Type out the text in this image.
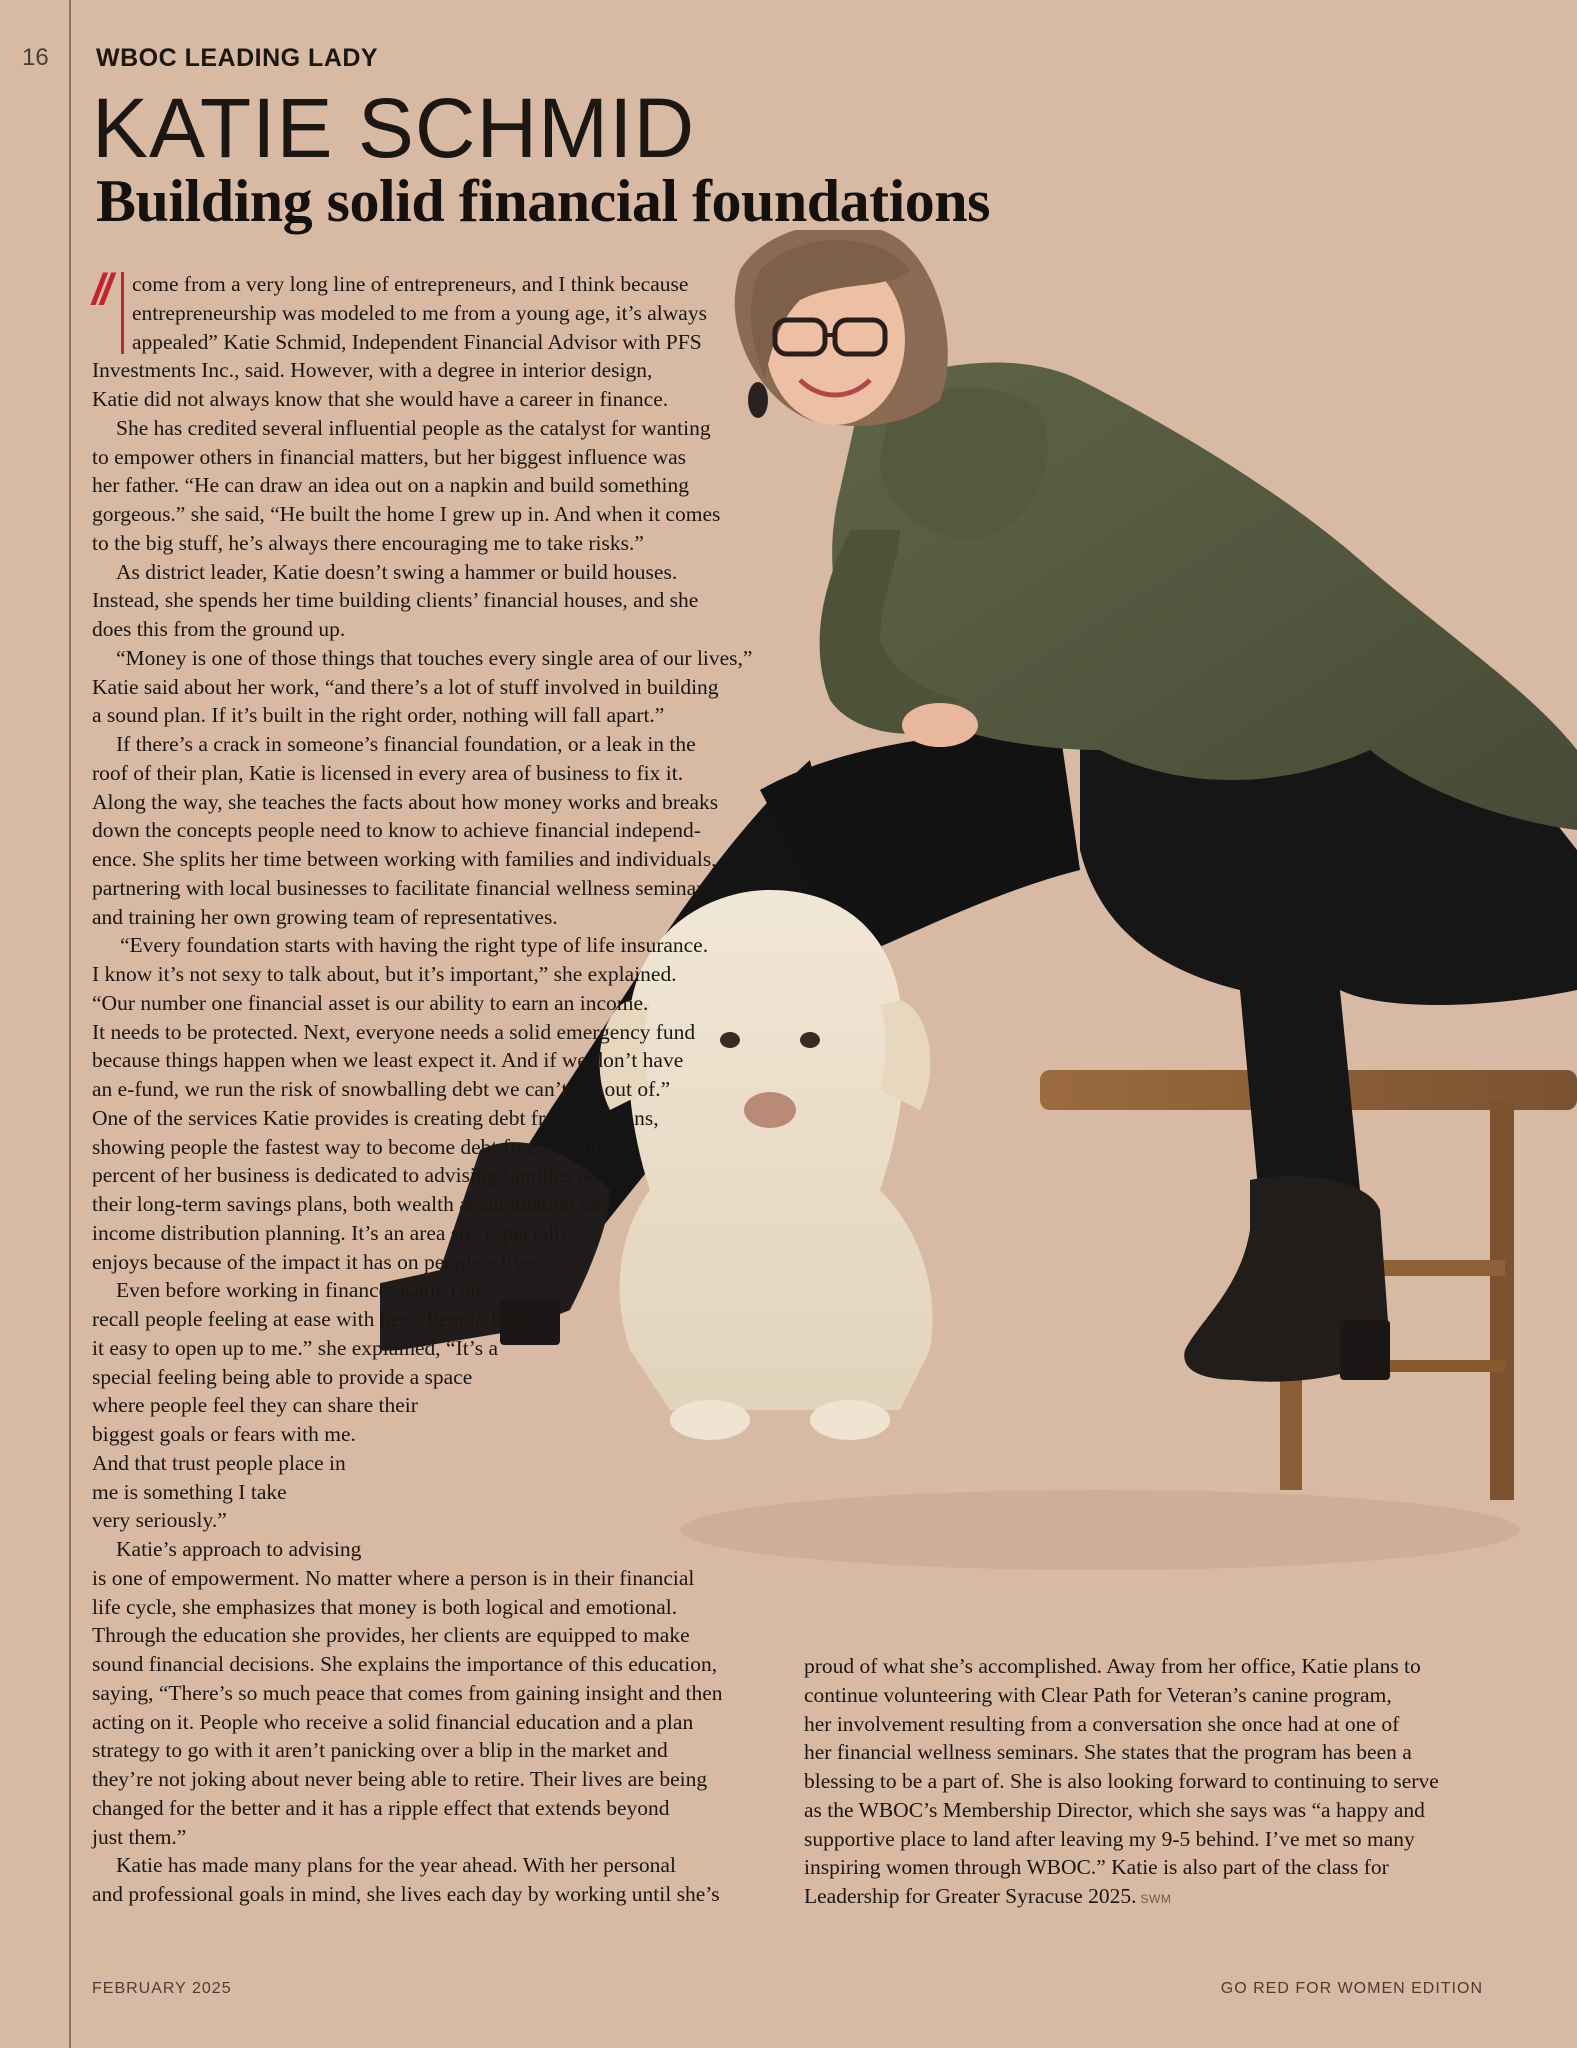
16 WBOC LEADING LADY
KATIE SCHMID
Building solid financial foundations
//	come from a very long line of entrepreneurs, and I think because
entrepreneurship was modeled to me from a young age, it’s always
appealed” Katie Schmid, Independent Financial Advisor with PFS
Investments Inc., said. However, with a degree in interior design,
Katie did not always know that she would have a career in finance.
She has credited several influential people as the catalyst for wanting
to empower others in financial matters, but her biggest influence was
her father. “He can draw an idea out on a napkin and build something
gorgeous.” she said, “He built the home I grew up in. And when it comes
to the big stuff, he’s always there encouraging me to take risks.”
As district leader, Katie doesn’t swing a hammer or build houses.
Instead, she spends her time building clients’ financial houses, and she
does this from the ground up.
“Money is one of those things that touches every single area of our lives,”
Katie said about her work, “and there’s a lot of stuff involved in building
a sound plan. If it’s built in the right order, nothing will fall apart.”
If there’s a crack in someone’s financial foundation, or a leak in the
roof of their plan, Katie is licensed in every area of business to fix it.
Along the way, she teaches the facts about how money works and breaks
down the concepts people need to know to achieve financial independ-
ence. She splits her time between working with families and individuals,
partnering with local businesses to facilitate financial wellness seminars,
and training her own growing team of representatives.
“Every foundation starts with having the right type of life insurance.
I know it’s not sexy to talk about, but it’s important,” she explained.
“Our number one financial asset is our ability to earn an income.
It needs to be protected. Next, everyone needs a solid emergency fund
because things happen when we least expect it. And if we don’t have
an e-fund, we run the risk of snowballing debt we can’t get out of.”
One of the services Katie provides is creating debt freedom plans,
showing people the fastest way to become debt free. About 80
percent of her business is dedicated to advising families on
their long-term savings plans, both wealth accumulation and
income distribution planning. It’s an area she especially
enjoys because of the impact it has on people’s lives.
Even before working in finance, Katie can
recall people feeling at ease with her. “People find
it easy to open up to me.” she explained, “It’s a
special feeling being able to provide a space
where people feel they can share their
biggest goals or fears with me.
And that trust people place in
me is something I take
very seriously.”
Katie’s approach to advising
is one of empowerment. No matter where a person is in their financial
life cycle, she emphasizes that money is both logical and emotional.
Through the education she provides, her clients are equipped to make
sound financial decisions. She explains the importance of this education,
saying, “There’s so much peace that comes from gaining insight and then
acting on it. People who receive a solid financial education and a plan
strategy to go with it aren’t panicking over a blip in the market and
they’re not joking about never being able to retire. Their lives are being
changed for the better and it has a ripple effect that extends beyond
just them.”
Katie has made many plans for the year ahead. With her personal
and professional goals in mind, she lives each day by working until she’s
proud of what she’s accomplished. Away from her office, Katie plans to
continue volunteering with Clear Path for Veteran’s canine program,
her involvement resulting from a conversation she once had at one of
her financial wellness seminars. She states that the program has been a
blessing to be a part of. She is also looking forward to continuing to serve
as the WBOC’s Membership Director, which she says was “a happy and
supportive place to land after leaving my 9-5 behind. I’ve met so many
inspiring women through WBOC.” Katie is also part of the class for
Leadership for Greater Syracuse 2025. SWM
FEBRUARY 2025	GO RED FOR WOMEN EDITION
